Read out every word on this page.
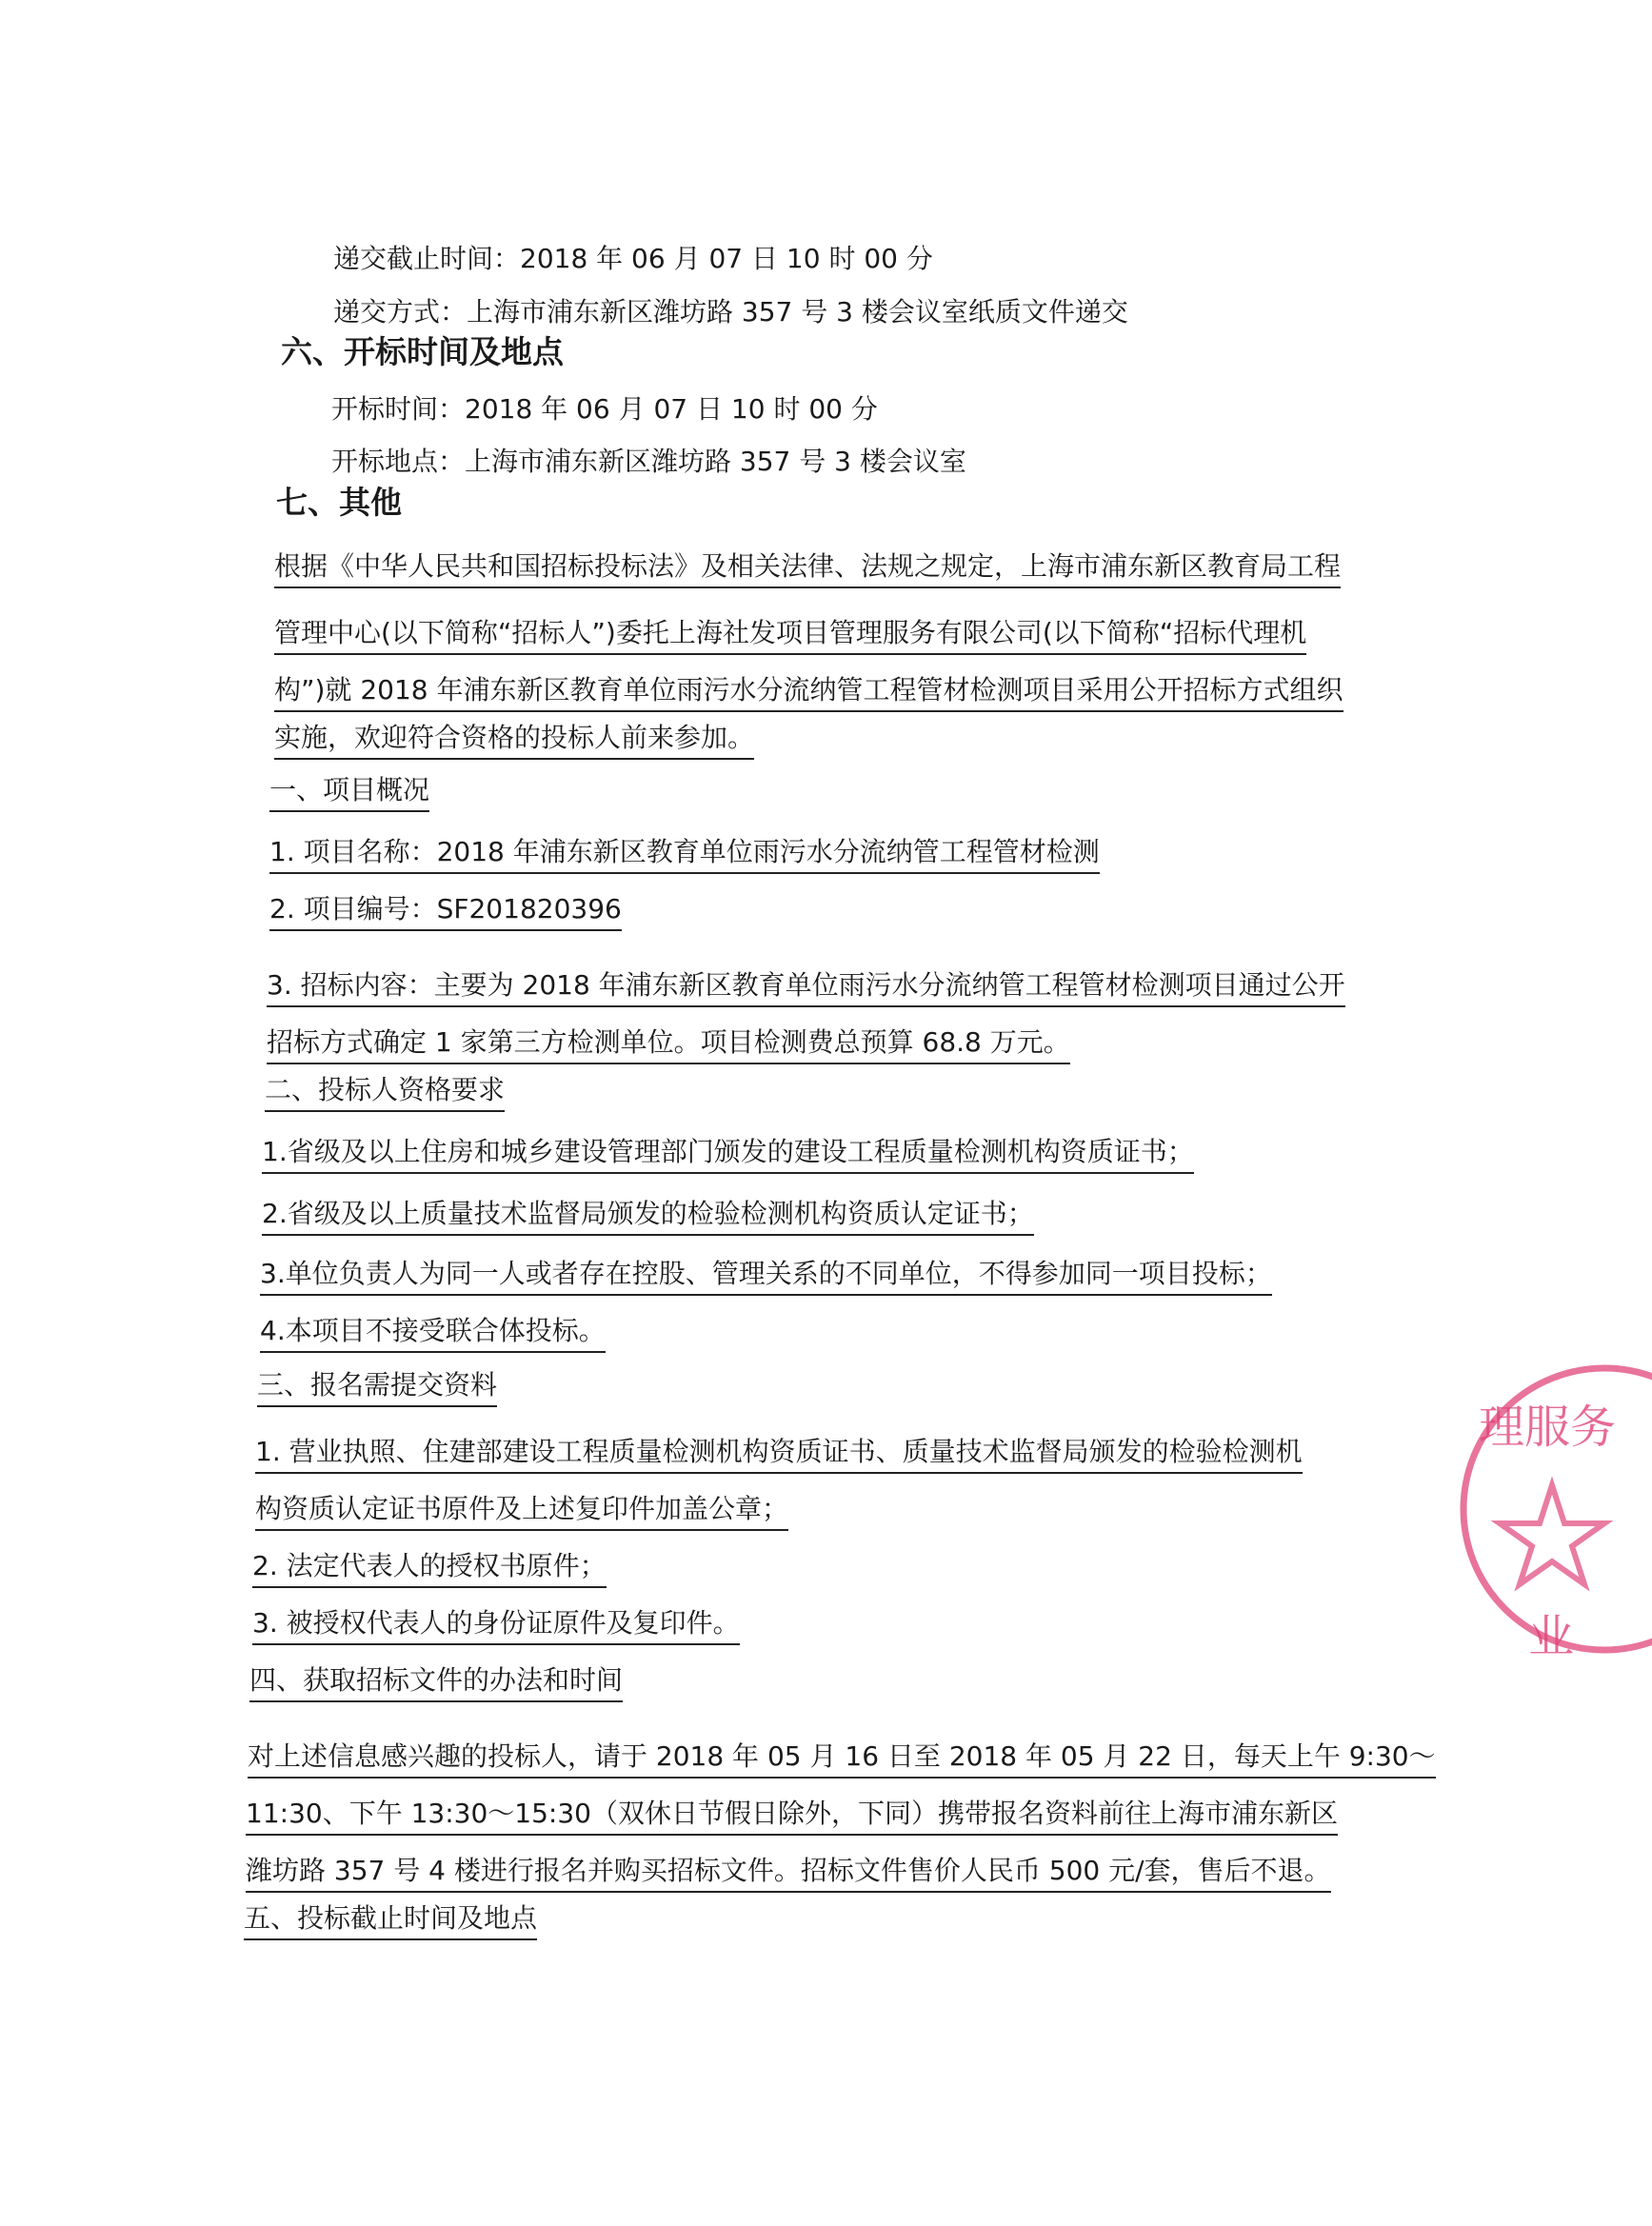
递交截止时间：2018 年 06 月 07 日 10 时 00 分
递交方式：上海市浦东新区潍坊路 357 号 3 楼会议室纸质文件递交
六、开标时间及地点
开标时间：2018 年 06 月 07 日 10 时 00 分
开标地点：上海市浦东新区潍坊路 357 号 3 楼会议室
七、其他
根据《中华人民共和国招标投标法》及相关法律、法规之规定，上海市浦东新区教育局工程
管理中心(以下简称“招标人”)委托上海社发项目管理服务有限公司(以下简称“招标代理机
构”)就 2018 年浦东新区教育单位雨污水分流纳管工程管材检测项目采用公开招标方式组织
实施，欢迎符合资格的投标人前来参加。
一、项目概况
1. 项目名称：2018 年浦东新区教育单位雨污水分流纳管工程管材检测
2. 项目编号：SF201820396
3. 招标内容：主要为 2018 年浦东新区教育单位雨污水分流纳管工程管材检测项目通过公开
招标方式确定 1 家第三方检测单位。项目检测费总预算 68.8 万元。
二、投标人资格要求
1.省级及以上住房和城乡建设管理部门颁发的建设工程质量检测机构资质证书；
2.省级及以上质量技术监督局颁发的检验检测机构资质认定证书；
3.单位负责人为同一人或者存在控股、管理关系的不同单位，不得参加同一项目投标；
4.本项目不接受联合体投标。
三、报名需提交资料
1. 营业执照、住建部建设工程质量检测机构资质证书、质量技术监督局颁发的检验检测机
构资质认定证书原件及上述复印件加盖公章；
2. 法定代表人的授权书原件；
3. 被授权代表人的身份证原件及复印件。
四、获取招标文件的办法和时间
对上述信息感兴趣的投标人，请于 2018 年 05 月 16 日至 2018 年 05 月 22 日，每天上午 9:30～
11:30、下午 13:30～15:30（双休日节假日除外，下同）携带报名资料前往上海市浦东新区
潍坊路 357 号 4 楼进行报名并购买招标文件。招标文件售价人民币 500 元/套，售后不退。
五、投标截止时间及地点
理服务
业
